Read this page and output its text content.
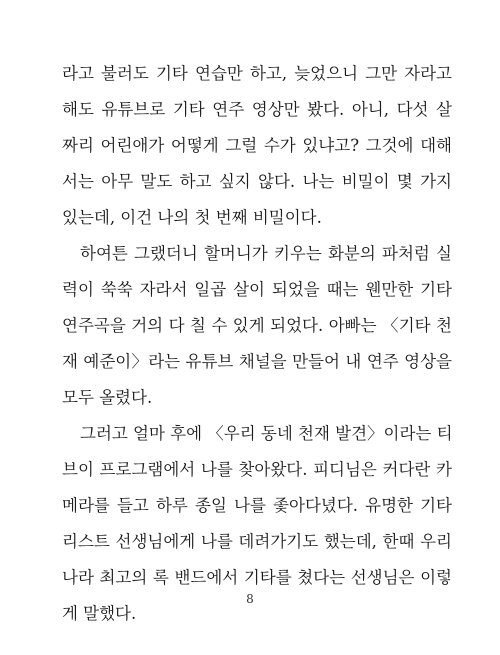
라고 불러도 기타 연습만 하고, 늦었으니 그만 자라고
해도 유튜브로 기타 연주 영상만 봤다. 아니, 다섯 살
짜리 어린애가 어떻게 그럴 수가 있냐고? 그것에 대해
서는 아무 말도 하고 싶지 않다. 나는 비밀이 몇 가지
있는데, 이건 나의 첫 번째 비밀이다.
하여튼 그랬더니 할머니가 키우는 화분의 파처럼 실
력이 쑥쑥 자라서 일곱 살이 되었을 때는 웬만한 기타
연주곡을 거의 다 칠 수 있게 되었다. 아빠는 〈기타 천
재 예준이〉라는 유튜브 채널을 만들어 내 연주 영상을
모두 올렸다.
그러고 얼마 후에 〈우리 동네 천재 발견〉이라는 티
브이 프로그램에서 나를 찾아왔다. 피디님은 커다란 카
메라를 들고 하루 종일 나를 좇아다녔다. 유명한 기타
리스트 선생님에게 나를 데려가기도 했는데, 한때 우리
나라 최고의 록 밴드에서 기타를 쳤다는 선생님은 이렇
게 말했다.
8
